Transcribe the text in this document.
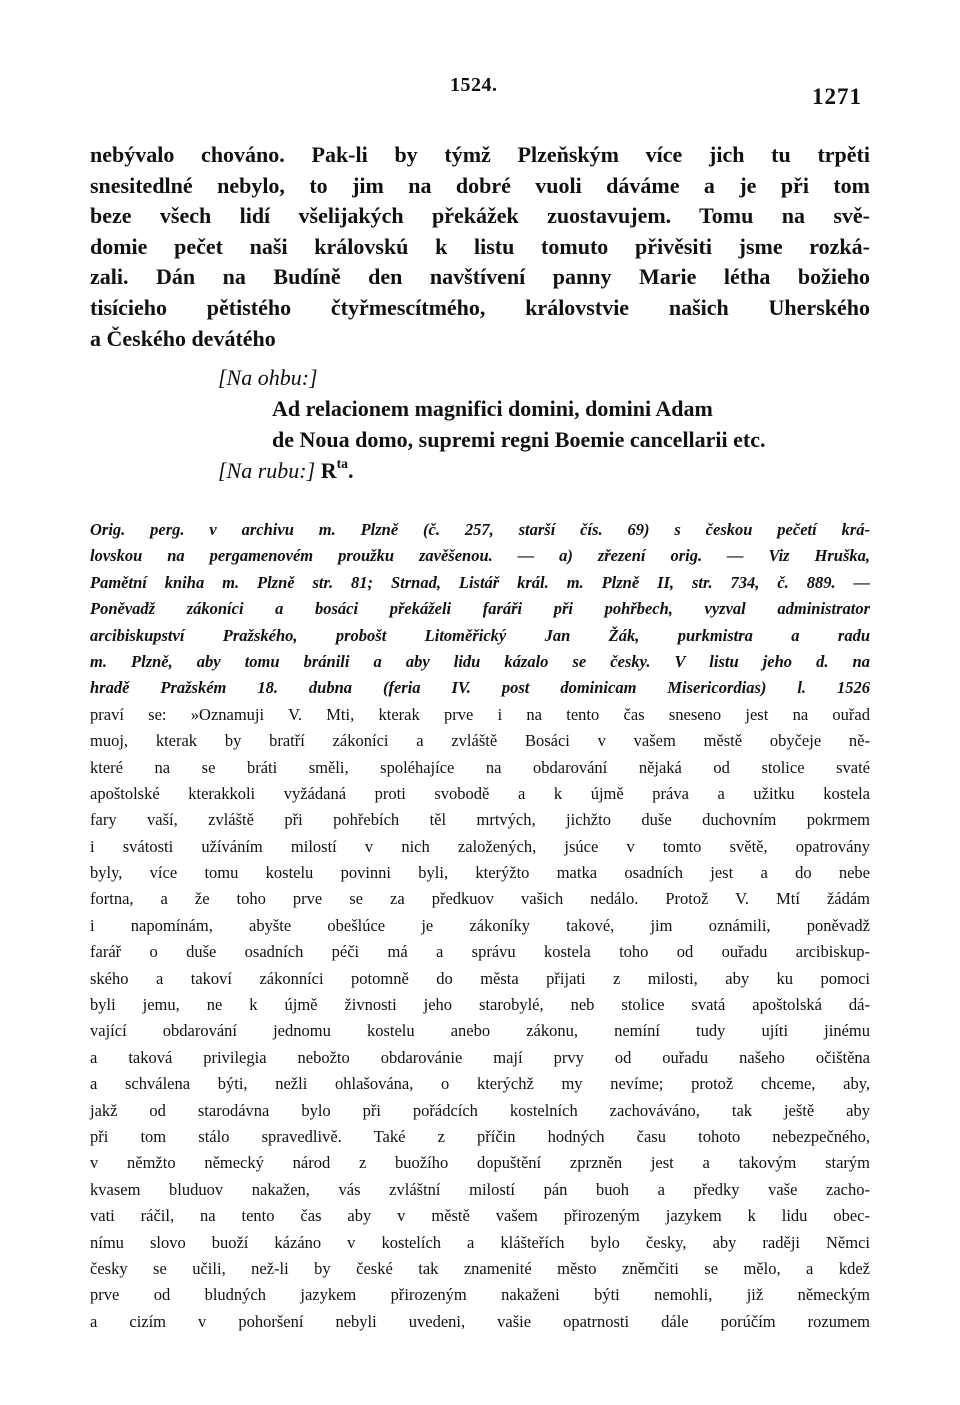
1524.	1271
nebývalo chováno. Pak-li by týmž Plzeňským více jich tu trpěti
snesitedlné nebylo, to jim na dobré vuoli dáváme a je při tom
beze všech lidí všelijakých překážek zuostavujem. Tomu na svě-
domie pečet naši královskú k listu tomuto přivěsiti jsme rozká-
zali. Dán na Budíně den navštívení panny Marie létha božieho
tisícieho pětistého čtyřmescítmého, královstvie našich Uherského
a Českého devátého
[Na ohbu:]
Ad relacionem magnifici domini, domini Adam
de Noua domo, supremi regni Boemie cancellarii etc.
[Na rubu:] $R^{ta}$.
Orig. perg. v archivu m. Plzně (č. 257, starší čís. 69) s českou pečetí krá-
lovskou na pergamenovém proužku zavěšenou. — a) zřezení orig. — Viz Hruška,
Pamětní kniha m. Plzně str. 81; Strnad, Listář král. m. Plzně II, str. 734, č. 889. —
Poněvadž zákoníci a bosáci překáželi faráři při pohřbech, vyzval administrator
arcibiskupství Pražského, probošt Litoměřický Jan Žák, purkmistra a radu
m. Plzně, aby tomu bránili a aby lidu kázalo se česky. V listu jeho d. na
hradě Pražském 18. dubna (feria IV. post dominicam Misericordias) l. 1526
praví se: »Oznamuji V. Mti, kterak prve i na tento čas sneseno jest na ouřad
muoj, kterak by bratří zákoníci a zvláště Bosáci v vašem městě obyčeje ně-
které na se bráti směli, spoléhajíce na obdarování nějaká od stolice svaté
apoštolské kterakkoli vyžádaná proti svobodě a k újmě práva a užitku kostela
fary vaší, zvláště při pohřebích těl mrtvých, jichžto duše duchovním pokrmem
i svátosti užíváním milostí v nich založených, jsúce v tomto světě, opatrovány
byly, více tomu kostelu povinni byli, kterýžto matka osadních jest a do nebe
fortna, a že toho prve se za předkuov vašich nedálo. Protož V. Mtí žádám
i napomínám, abyšte obešlúce je zákoníky takové, jim oznámili, poněvadž
farář o duše osadních péči má a správu kostela toho od ouřadu arcibiskup-
ského a takoví zákonníci potomně do města přijati z milosti, aby ku pomoci
byli jemu, ne k újmě živnosti jeho starobylé, neb stolice svatá apoštolská dá-
vající obdarování jednomu kostelu anebo zákonu, nemíní tudy ujíti jinému
a taková privilegia nebožto obdarovánie mají prvy od ouřadu našeho očištěna
a schválena býti, nežli ohlašována, o kterýchž my nevíme; protož chceme, aby,
jakž od starodávna bylo při pořádcích kostelních zachováváno, tak ještě aby
při tom stálo spravedlivě. Také z příčin hodných času tohoto nebezpečného,
v němžto německý národ z buožího dopuštění zprzněn jest a takovým starým
kvasem bluduov nakažen, vás zvláštní milostí pán buoh a předky vaše zacho-
vati ráčil, na tento čas aby v městě vašem přirozeným jazykem k lidu obec-
nímu slovo buoží kázáno v kostelích a klášteřích bylo česky, aby raději Němci
česky se učili, než-li by české tak znamenité město zněmčiti se mělo, a kdež
prve od bludných jazykem přirozeným nakaženi býti nemohli, již německým
a cizím v pohoršení nebyli uvedeni, vašie opatrnosti dále porúčím rozumem
